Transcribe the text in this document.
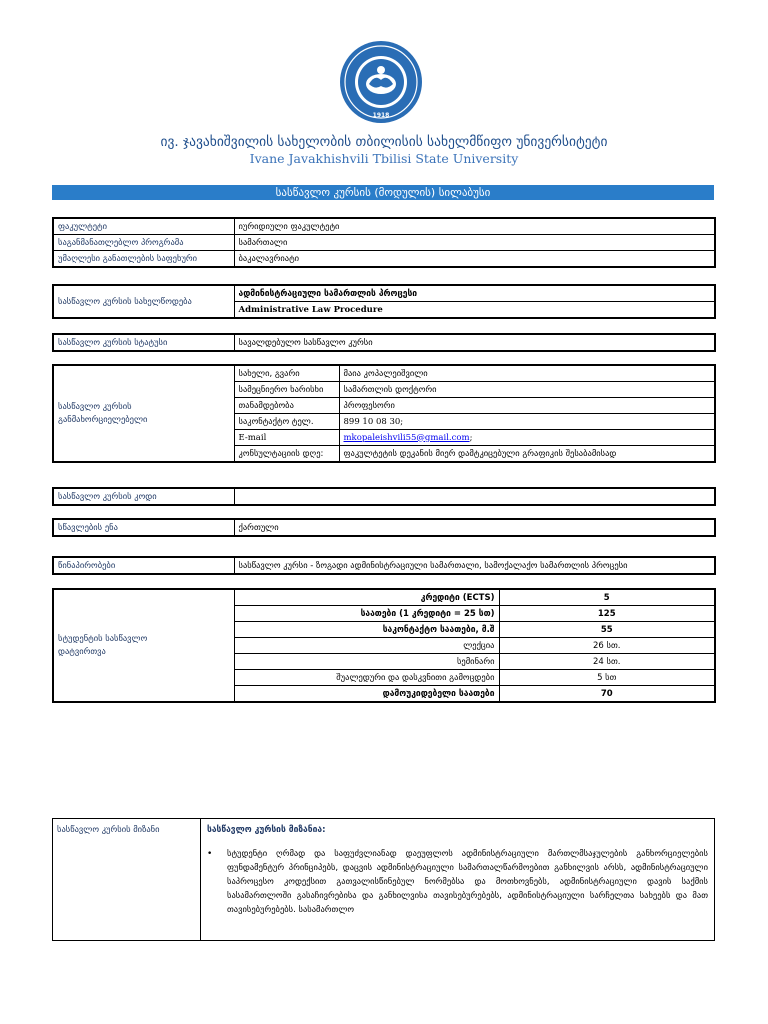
1918
ივ. ჯავახიშვილის სახელობის თბილისის სახელმწიფო უნივერსიტეტი
Ivane Javakhishvili Tbilisi State University
სასწავლო კურსის (მოდულის) სილაბუსი
ფაკულტეტი	იურიდიული ფაკულტეტი
საგანმანათლებლო პროგრამა	სამართალი
უმაღლესი განათლების საფეხური	ბაკალავრიატი
სასწავლო კურსის სახელწოდება	ადმინისტრაციული სამართლის პროცესი
Administrative Law Procedure
სასწავლო კურსის სტატუსი	სავალდებულო სასწავლო კურსი
სასწავლო კურსის
განმახორციელებელი	სახელი, გვარი	მაია კოპალეიშვილი
	სამეცნიერო ხარისხი	სამართლის დოქტორი
	თანამდებობა	პროფესორი
	საკონტაქტო ტელ.	899 10 08 30;
	E-mail	mkopaleishvili55@gmail.com;
	კონსულტაციის დღე:	ფაკულტეტის დეკანის მიერ დამტკიცებული გრაფიკის შესაბამისად
სასწავლო კურსის კოდი	
სწავლების ენა	ქართული
წინაპირობები	სასწავლო კურსი - ზოგადი ადმინისტრაციული სამართალი, სამოქალაქო სამართლის პროცესი
სტუდენტის სასწავლო
დატვირთვა	კრედიტი (ECTS)	5
	საათები (1 კრედიტი = 25 სთ)	125
	საკონტაქტო საათები, მ.შ	55
	ლექცია	26 სთ.
	სემინარი	24 სთ.
	შუალედური და დასკვნითი გამოცდები	5 სთ
	დამოუკიდებელი საათები	70
სასწავლო კურსის მიზანი	სასწავლო კურსის მიზანია:
•	სტუდენტი ღრმად და საფუძვლიანად დაეუფლოს ადმინისტრაციული მართლმსაჯულების განხორციელების ფუნდამენტურ პრინციპებს, დაცვის ადმინისტრაციული სამართალწარმოებით განხილვის არსს, ადმინისტრაციული საპროცესო კოდექსით გათვალისწინებულ ნორმებსა და მოთხოვნებს, ადმინისტრაციული დავის საქმის სასამართლოში გასაჩივრებისა და განხილვისა თავისებურებებს, ადმინისტრაციული სარჩელთა სახეებს და მათ თავისებურებებს. სასამართლო
